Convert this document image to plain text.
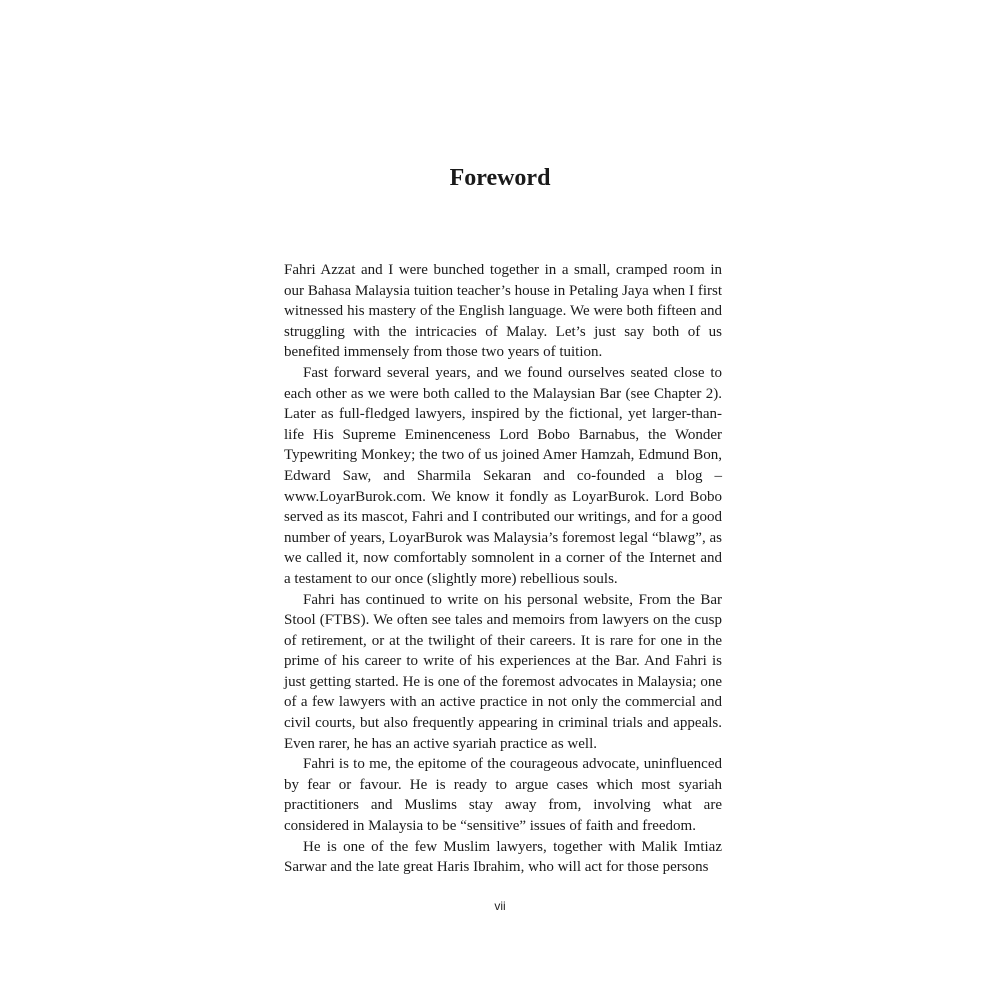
Foreword

Fahri Azzat and I were bunched together in a small, cramped room in our Bahasa Malaysia tuition teacher’s house in Petaling Jaya when I first witnessed his mastery of the English language. We were both fifteen and struggling with the intricacies of Malay. Let’s just say both of us benefited immensely from those two years of tuition.

Fast forward several years, and we found ourselves seated close to each other as we were both called to the Malaysian Bar (see Chapter 2). Later as full-fledged lawyers, inspired by the fictional, yet larger-than-life His Supreme Eminenceness Lord Bobo Barnabus, the Wonder Typewriting Monkey; the two of us joined Amer Hamzah, Edmund Bon, Edward Saw, and Sharmila Sekaran and co-founded a blog – www.LoyarBurok.com. We know it fondly as LoyarBurok. Lord Bobo served as its mascot, Fahri and I contributed our writings, and for a good number of years, LoyarBurok was Malaysia’s foremost legal “blawg”, as we called it, now comfortably somnolent in a corner of the Internet and a testament to our once (slightly more) rebellious souls.

Fahri has continued to write on his personal website, From the Bar Stool (FTBS). We often see tales and memoirs from lawyers on the cusp of retirement, or at the twilight of their careers. It is rare for one in the prime of his career to write of his experiences at the Bar. And Fahri is just getting started. He is one of the foremost advocates in Malaysia; one of a few lawyers with an active practice in not only the commercial and civil courts, but also frequently appearing in criminal trials and appeals. Even rarer, he has an active syariah practice as well.

Fahri is to me, the epitome of the courageous advocate, uninfluenced by fear or favour. He is ready to argue cases which most syariah practitioners and Muslims stay away from, involving what are considered in Malaysia to be “sensitive” issues of faith and freedom.

He is one of the few Muslim lawyers, together with Malik Imtiaz Sarwar and the late great Haris Ibrahim, who will act for those persons

vii
